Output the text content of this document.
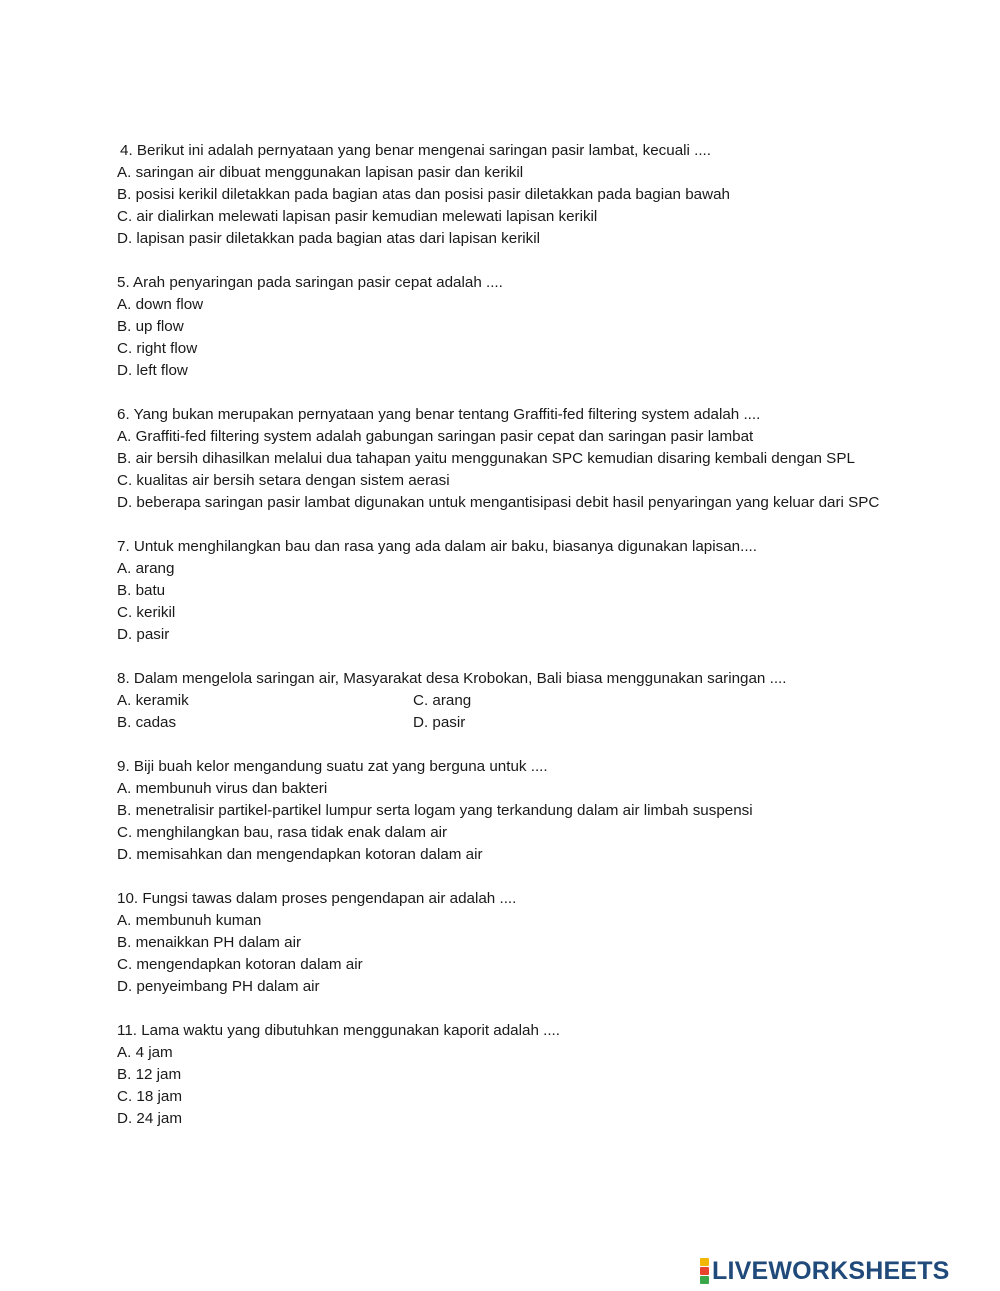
4. Berikut ini adalah pernyataan yang benar mengenai saringan pasir lambat, kecuali ....

A. saringan air dibuat menggunakan lapisan pasir dan kerikil

B. posisi kerikil diletakkan pada bagian atas dan posisi pasir diletakkan pada bagian bawah

C. air dialirkan melewati lapisan pasir kemudian melewati lapisan kerikil

D. lapisan pasir diletakkan pada bagian atas dari lapisan kerikil

5. Arah penyaringan pada saringan pasir cepat adalah ....

A. down flow

B. up flow

C. right flow

D. left flow

6. Yang bukan merupakan pernyataan yang benar tentang Graffiti-fed filtering system adalah ....

A. Graffiti-fed filtering system adalah gabungan saringan pasir cepat dan saringan pasir lambat

B. air bersih dihasilkan melalui dua tahapan yaitu menggunakan SPC kemudian disaring kembali dengan SPL

C. kualitas air bersih setara dengan sistem aerasi

D. beberapa saringan pasir lambat digunakan untuk mengantisipasi debit hasil penyaringan yang keluar dari SPC

7. Untuk menghilangkan bau dan rasa yang ada dalam air baku, biasanya digunakan lapisan....

A. arang

B. batu

C. kerikil

D. pasir

8. Dalam mengelola saringan air, Masyarakat desa Krobokan, Bali biasa menggunakan saringan ....

A. keramik	C. arang

B. cadas	D. pasir

9. Biji buah kelor mengandung suatu zat yang berguna untuk ....

A. membunuh virus dan bakteri

B. menetralisir partikel-partikel lumpur serta logam yang terkandung dalam air limbah suspensi

C. menghilangkan bau, rasa tidak enak dalam air

D. memisahkan dan mengendapkan kotoran dalam air

10. Fungsi tawas dalam proses pengendapan air adalah ....

A. membunuh kuman

B. menaikkan PH dalam air

C. mengendapkan kotoran dalam air

D. penyeimbang PH dalam air

11. Lama waktu yang dibutuhkan menggunakan kaporit adalah ....

A. 4 jam

B. 12 jam

C. 18 jam

D. 24 jam

LIVEWORKSHEETS
